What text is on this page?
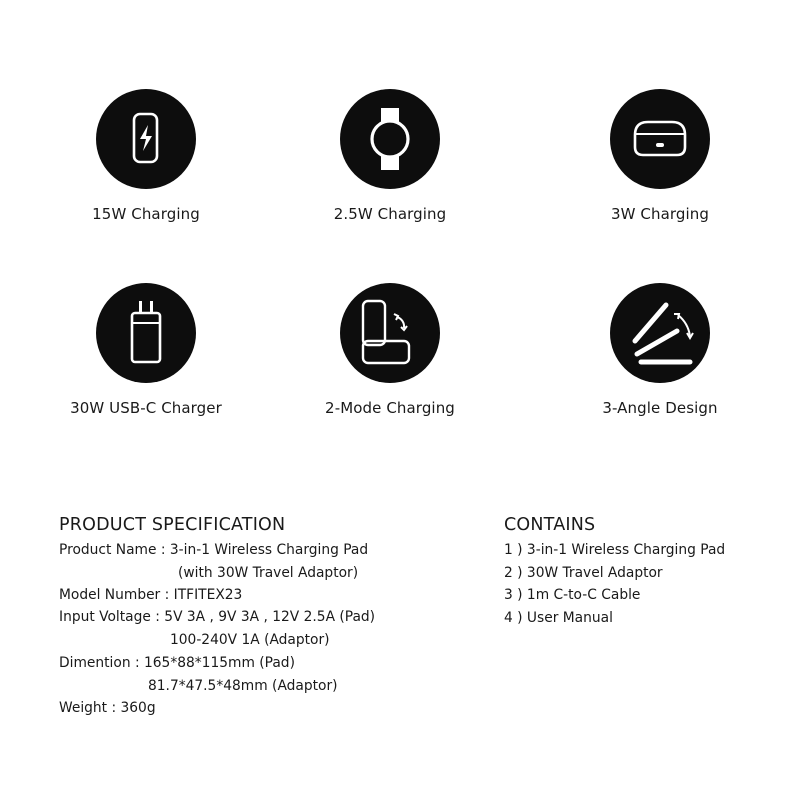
15W Charging	2.5W Charging	3W Charging
30W USB-C Charger	2-Mode Charging	3-Angle Design
PRODUCT SPECIFICATION
Product Name : 3-in-1 Wireless Charging Pad
(with 30W Travel Adaptor)
Model Number : ITFITEX23
Input Voltage : 5V 3A , 9V 3A , 12V 2.5A (Pad)
100-240V 1A (Adaptor)
Dimention : 165*88*115mm (Pad)
81.7*47.5*48mm (Adaptor)
Weight : 360g
CONTAINS
1 ) 3-in-1 Wireless Charging Pad
2 ) 30W Travel Adaptor
3 ) 1m C-to-C Cable
4 ) User Manual
